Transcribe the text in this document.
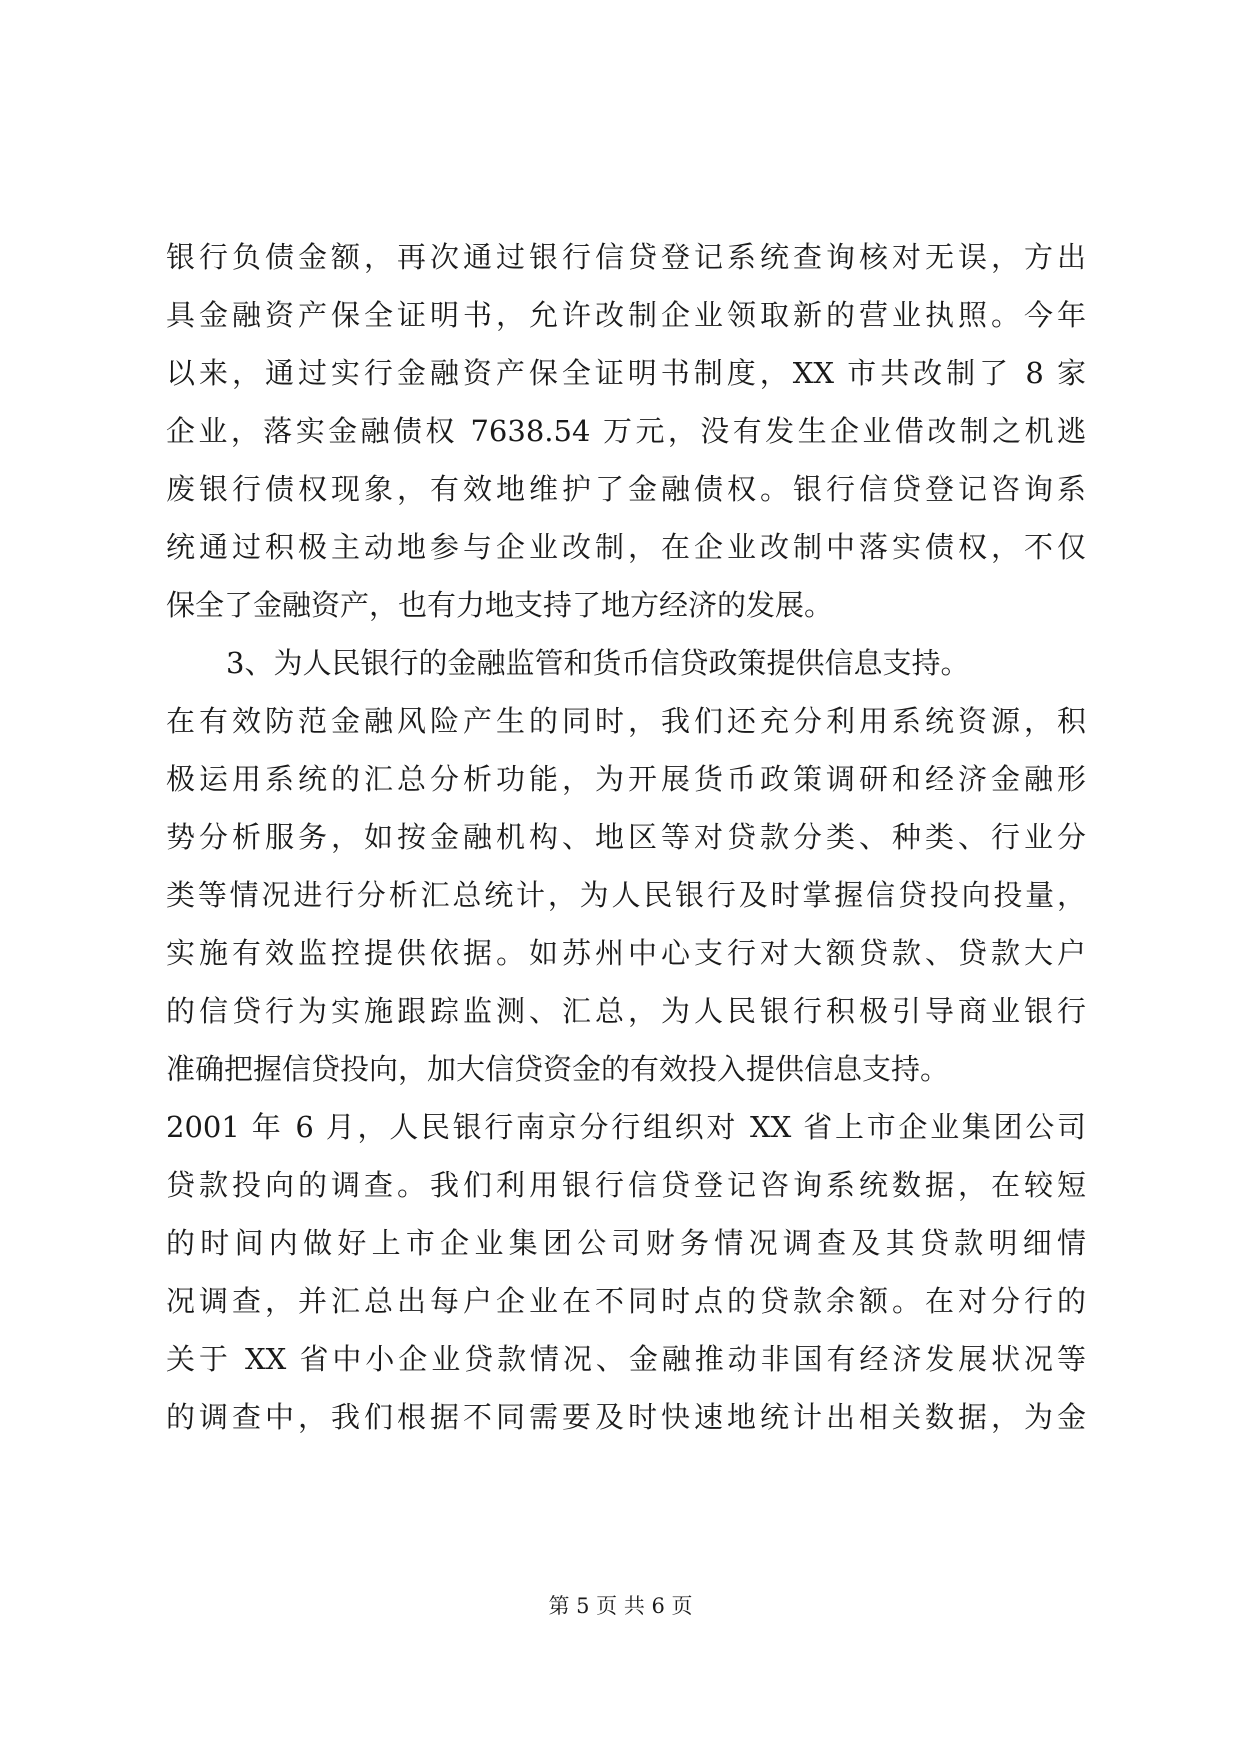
银行负债金额，再次通过银行信贷登记系统查询核对无误，方出
具金融资产保全证明书，允许改制企业领取新的营业执照。今年
以来，通过实行金融资产保全证明书制度，XX 市共改制了 8 家
企业，落实金融债权 7638.54 万元，没有发生企业借改制之机逃
废银行债权现象，有效地维护了金融债权。银行信贷登记咨询系
统通过积极主动地参与企业改制，在企业改制中落实债权，不仅
保全了金融资产，也有力地支持了地方经济的发展。
3、为人民银行的金融监管和货币信贷政策提供信息支持。
在有效防范金融风险产生的同时，我们还充分利用系统资源，积
极运用系统的汇总分析功能，为开展货币政策调研和经济金融形
势分析服务，如按金融机构、地区等对贷款分类、种类、行业分
类等情况进行分析汇总统计，为人民银行及时掌握信贷投向投量，
实施有效监控提供依据。如苏州中心支行对大额贷款、贷款大户
的信贷行为实施跟踪监测、汇总，为人民银行积极引导商业银行
准确把握信贷投向，加大信贷资金的有效投入提供信息支持。
2001 年 6 月，人民银行南京分行组织对 XX 省上市企业集团公司
贷款投向的调查。我们利用银行信贷登记咨询系统数据，在较短
的时间内做好上市企业集团公司财务情况调查及其贷款明细情
况调查，并汇总出每户企业在不同时点的贷款余额。在对分行的
关于 XX 省中小企业贷款情况、金融推动非国有经济发展状况等
的调查中，我们根据不同需要及时快速地统计出相关数据，为金
第 5 页 共 6 页
